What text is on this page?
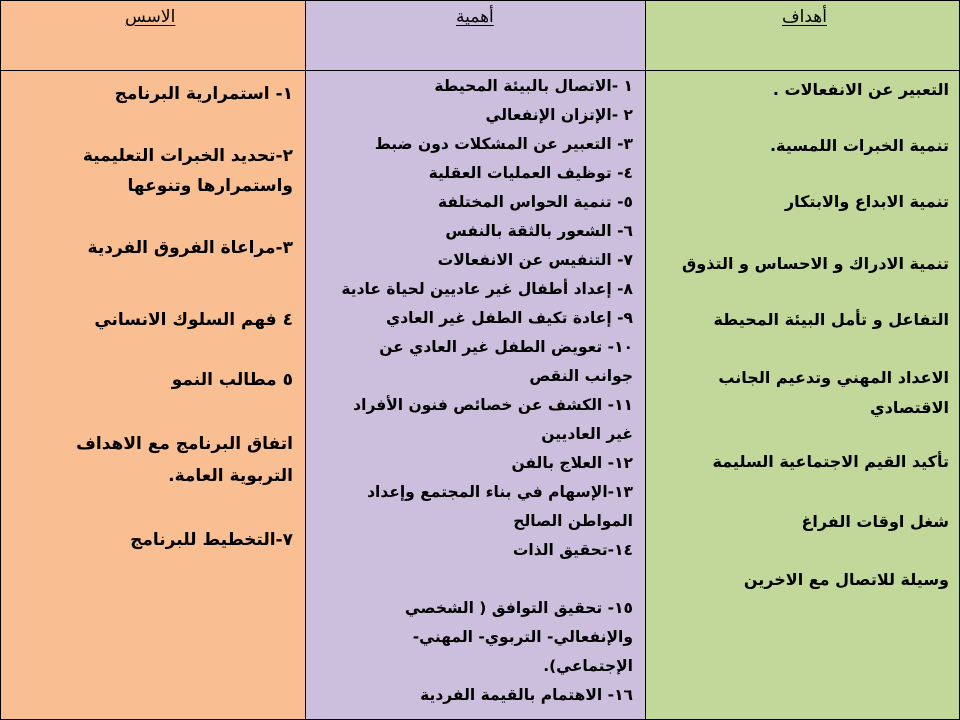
الاسس
١- استمرارية البرنامج
٢-تحديد الخبرات التعليمية
واستمرارها وتنوعها
٣-مراعاة الفروق الفردية
٤ فهم السلوك الانساني
٥ مطالب النمو
اتفاق البرنامج مع الاهداف
التربوية العامة.
٧-التخطيط للبرنامج
أهمية
١ -الاتصال بالبيئة المحيطة
٢ -الإتزان الإنفعالي
٣- التعبير عن المشكلات دون ضبط
٤- توظيف العمليات العقلية
٥- تنمية الحواس المختلفة
٦- الشعور بالثقة بالنفس
٧- التنفيس عن الانفعالات
٨- إعداد أطفال غير عاديين لحياة عادية
٩- إعادة تكيف الطفل غير العادي
١٠- تعويض الطفل غير العادي عن
جوانب النقص
١١- الكشف عن خصائص فنون الأفراد
غير العاديين
١٢- العلاج بالفن
١٣-الإسهام في بناء المجتمع وإعداد
المواطن الصالح
١٤-تحقيق الذات
١٥- تحقيق التوافق ( الشخصي
والإنفعالي- التربوي- المهني-
الإجتماعي).
١٦- الاهتمام بالقيمة الفردية
أهداف
التعبير عن الانفعالات .
تنمية الخبرات اللمسية.
تنمية الابداع والابتكار
تنمية الادراك و الاحساس و التذوق
التفاعل و تأمل البيئة المحيطة
الاعداد المهني وتدعيم الجانب
الاقتصادي
تأكيد القيم الاجتماعية السليمة
شغل اوقات الفراغ
وسيلة للاتصال مع الاخرين
